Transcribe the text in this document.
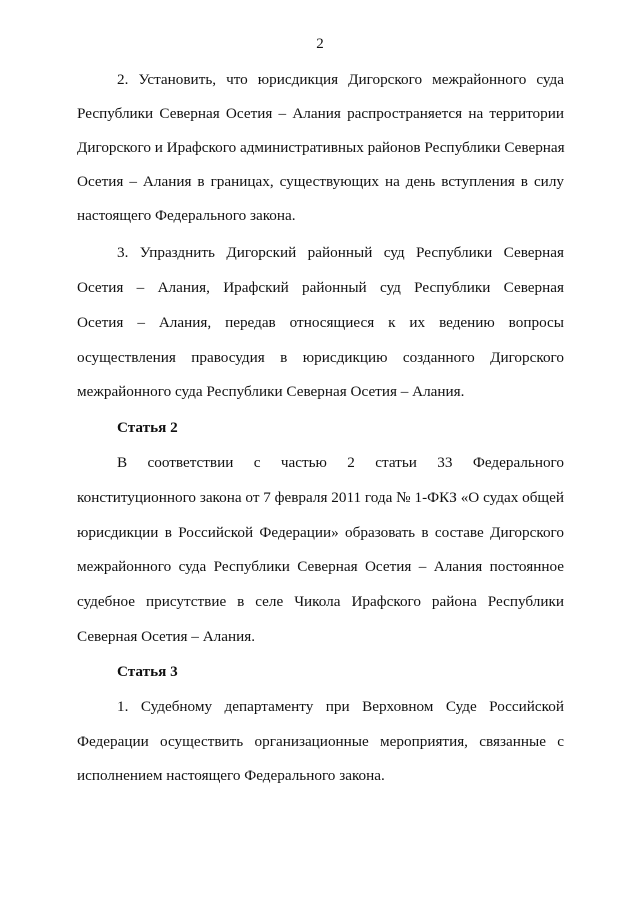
2
2. Установить, что юрисдикция Дигорского межрайонного суда
Республики Северная Осетия – Алания распространяется на территории
Дигорского и Ирафского административных районов Республики Северная
Осетия – Алания в границах, существующих на день вступления в силу
настоящего Федерального закона.
3. Упразднить Дигорский районный суд Республики Северная
Осетия – Алания, Ирафский районный суд Республики Северная
Осетия – Алания, передав относящиеся к их ведению вопросы
осуществления правосудия в юрисдикцию созданного Дигорского
межрайонного суда Республики Северная Осетия – Алания.
Статья 2
В соответствии с частью 2 статьи 33 Федерального
конституционного закона от 7 февраля 2011 года № 1-ФКЗ «О судах общей
юрисдикции в Российской Федерации» образовать в составе Дигорского
межрайонного суда Республики Северная Осетия – Алания постоянное
судебное присутствие в селе Чикола Ирафского района Республики
Северная Осетия – Алания.
Статья 3
1. Судебному департаменту при Верховном Суде Российской
Федерации осуществить организационные мероприятия, связанные с
исполнением настоящего Федерального закона.
